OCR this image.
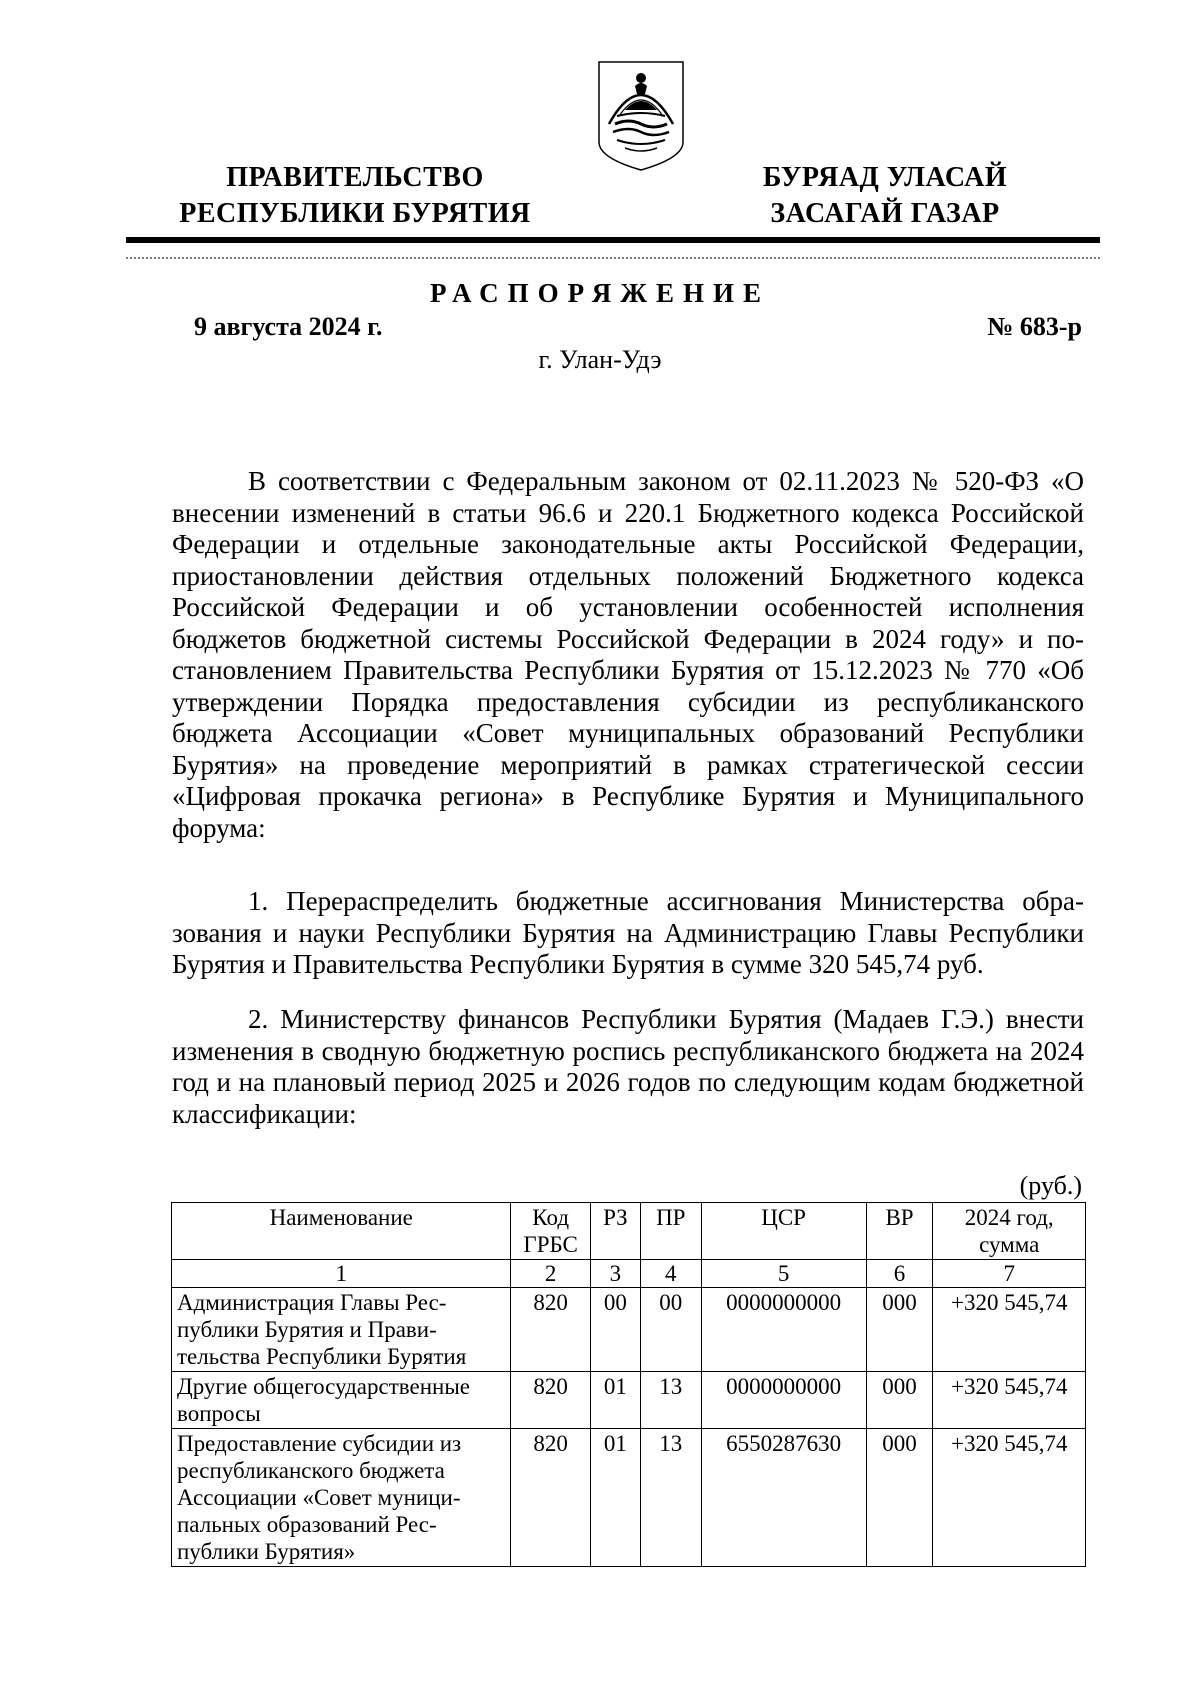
ПРАВИТЕЛЬСТВО
РЕСПУБЛИКИ БУРЯТИЯ
БУРЯАД УЛАСАЙ
ЗАСАГАЙ ГАЗАР
РАСПОРЯЖЕНИЕ
9 августа 2024 г.	№ 683-р
г. Улан-Удэ

В соответствии с Федеральным законом от 02.11.2023 № 520-ФЗ «О внесении изменений в статьи 96.6 и 220.1 Бюджетного кодекса Российской Федерации и отдельные законодательные акты Российской Федерации, приостановлении действия отдельных положений Бюджетного кодекса Российской Федерации и об установлении особенностей исполнения бюджетов бюджетной системы Российской Федерации в 2024 году» и постановлением Правительства Республики Бурятия от 15.12.2023 № 770 «Об утверждении Порядка предоставления субсидии из республиканского бюджета Ассоциации «Совет муниципальных образований Республики Бурятия» на проведение мероприятий в рамках стратегической сессии «Цифровая прокачка региона» в Республике Бурятия и Муниципального форума:

1. Перераспределить бюджетные ассигнования Министерства образования и науки Республики Бурятия на Администрацию Главы Республики Бурятия и Правительства Республики Бурятия в сумме 320 545,74 руб.

2. Министерству финансов Республики Бурятия (Мадаев Г.Э.) внести изменения в сводную бюджетную роспись республиканского бюджета на 2024 год и на плановый период 2025 и 2026 годов по следующим кодам бюджетной классификации:

(руб.)
Наименование	Код ГРБС	РЗ	ПР	ЦСР	ВР	2024 год, сумма
1	2	3	4	5	6	7
Администрация Главы Республики Бурятия и Правительства Республики Бурятия	820	00	00	0000000000	000	+320 545,74
Другие общегосударственные вопросы	820	01	13	0000000000	000	+320 545,74
Предоставление субсидии из республиканского бюджета Ассоциации «Совет муниципальных образований Республики Бурятия»	820	01	13	6550287630	000	+320 545,74
